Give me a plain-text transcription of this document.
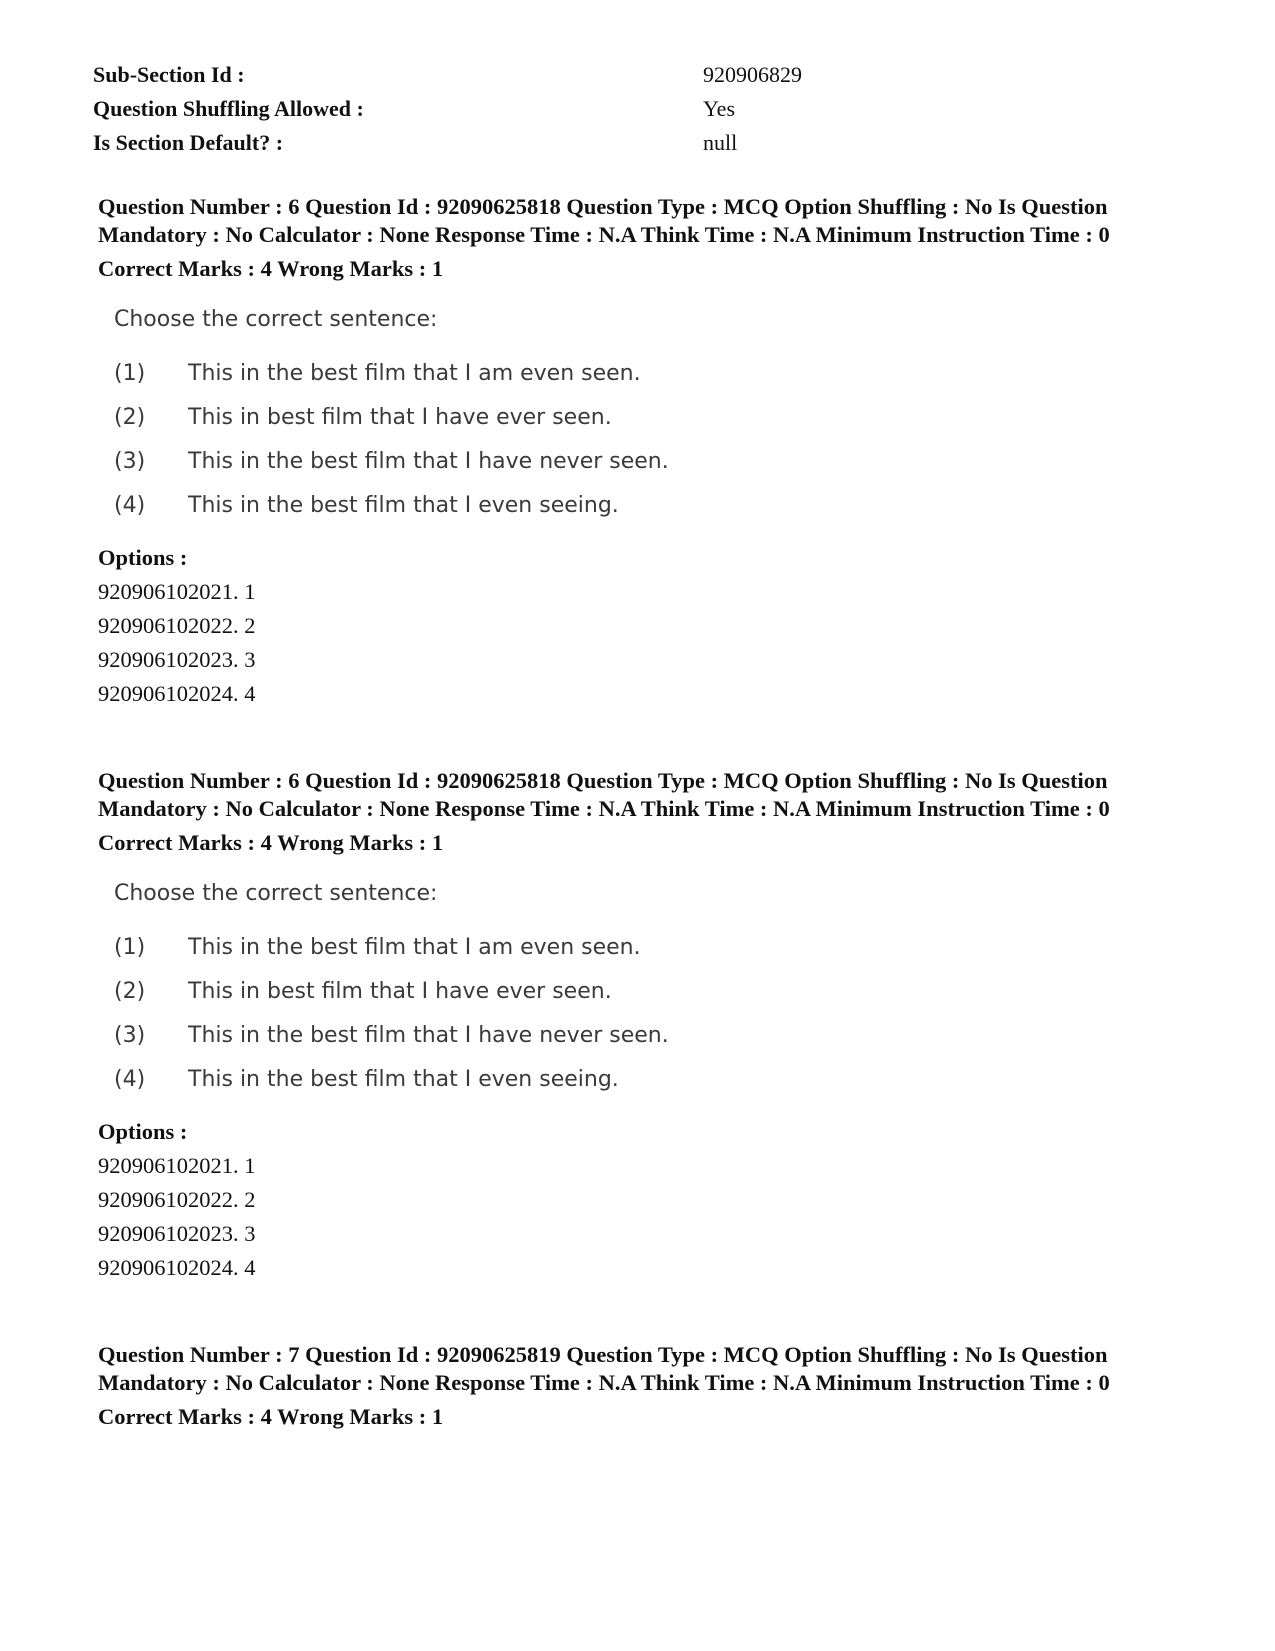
Sub-Section Id :	920906829
Question Shuffling Allowed :	Yes
Is Section Default? :	null

Question Number : 6 Question Id : 92090625818 Question Type : MCQ Option Shuffling : No Is Question Mandatory : No Calculator : None Response Time : N.A Think Time : N.A Minimum Instruction Time : 0

Correct Marks : 4 Wrong Marks : 1
Choose the correct sentence:
(1)	This in the best film that I am even seen.
(2)	This in best film that I have ever seen.
(3)	This in the best film that I have never seen.
(4)	This in the best film that I even seeing.
Options :
920906102021. 1
920906102022. 2
920906102023. 3
920906102024. 4

Question Number : 6 Question Id : 92090625818 Question Type : MCQ Option Shuffling : No Is Question Mandatory : No Calculator : None Response Time : N.A Think Time : N.A Minimum Instruction Time : 0

Correct Marks : 4 Wrong Marks : 1
Choose the correct sentence:
(1)	This in the best film that I am even seen.
(2)	This in best film that I have ever seen.
(3)	This in the best film that I have never seen.
(4)	This in the best film that I even seeing.
Options :
920906102021. 1
920906102022. 2
920906102023. 3
920906102024. 4

Question Number : 7 Question Id : 92090625819 Question Type : MCQ Option Shuffling : No Is Question Mandatory : No Calculator : None Response Time : N.A Think Time : N.A Minimum Instruction Time : 0

Correct Marks : 4 Wrong Marks : 1
